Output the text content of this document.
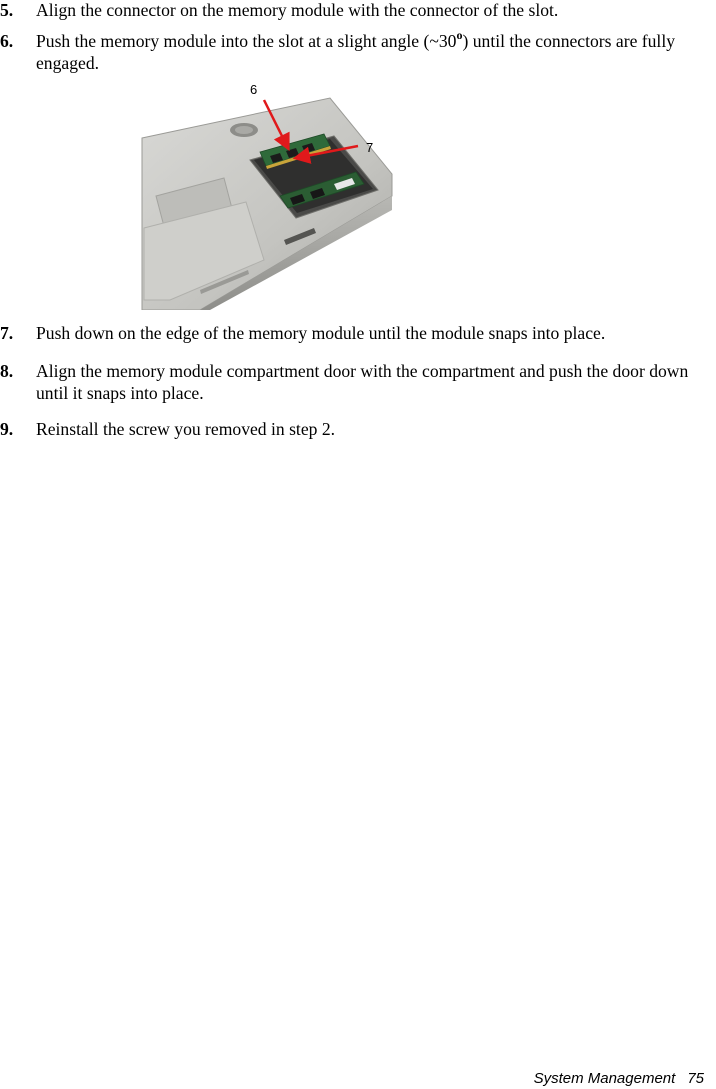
5.	Align the connector on the memory module with the connector of the slot.
6.	Push the memory module into the slot at a slight angle (~30$^o$) until the connectors are fully engaged.
6
7
7.	Push down on the edge of the memory module until the module snaps into place.
8.	Align the memory module compartment door with the compartment and push the door down until it snaps into place.
9.	Reinstall the screw you removed in step 2.
System Management 75
